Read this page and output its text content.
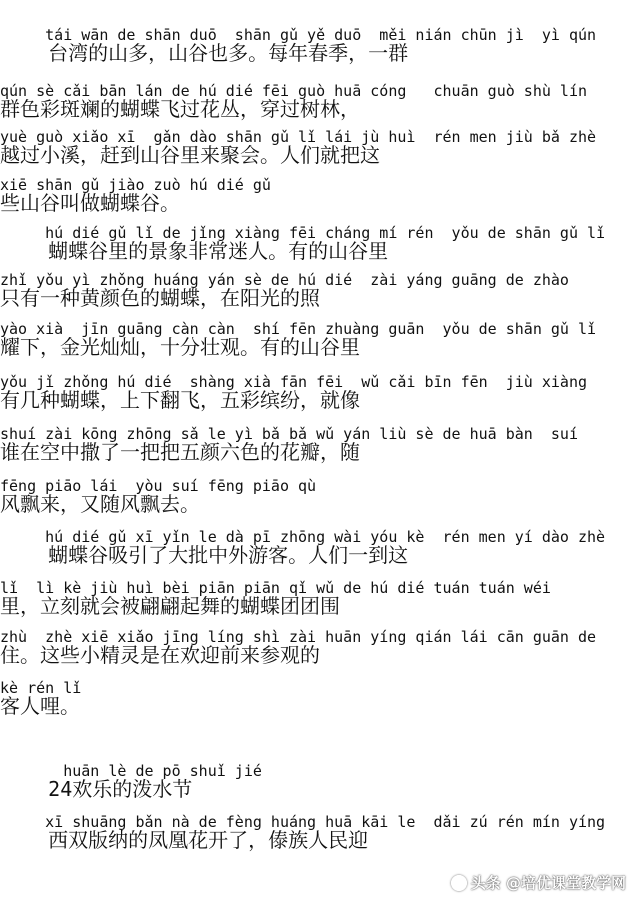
tái wān de shān duō  shān gǔ yě duō  měi nián chūn jì  yì qún
台湾的山多，山谷也多。每年春季，一群
qún sè cǎi bān lán de hú dié fēi guò huā cóng   chuān guò shù lín
群色彩斑斓的蝴蝶飞过花丛，穿过树林，
yuè guò xiǎo xī  gǎn dào shān gǔ lǐ lái jù huì  rén men jiù bǎ zhè
越过小溪，赶到山谷里来聚会。人们就把这
xiē shān gǔ jiào zuò hú dié gǔ
些山谷叫做蝴蝶谷。
hú dié gǔ lǐ de jǐng xiàng fēi cháng mí rén  yǒu de shān gǔ lǐ
蝴蝶谷里的景象非常迷人。有的山谷里
zhǐ yǒu yì zhǒng huáng yán sè de hú dié  zài yáng guāng de zhào
只有一种黄颜色的蝴蝶，在阳光的照
yào xià  jīn guāng càn càn  shí fēn zhuàng guān  yǒu de shān gǔ lǐ
耀下，金光灿灿，十分壮观。有的山谷里
yǒu jǐ zhǒng hú dié  shàng xià fān fēi  wǔ cǎi bīn fēn  jiù xiàng
有几种蝴蝶，上下翻飞，五彩缤纷，就像
shuí zài kōng zhōng sǎ le yì bǎ bǎ wǔ yán liù sè de huā bàn  suí
谁在空中撒了一把把五颜六色的花瓣，随
fēng piāo lái  yòu suí fēng piāo qù
风飘来，又随风飘去。
hú dié gǔ xī yǐn le dà pī zhōng wài yóu kè  rén men yí dào zhè
蝴蝶谷吸引了大批中外游客。人们一到这
lǐ  lì kè jiù huì bèi piān piān qǐ wǔ de hú dié tuán tuán wéi
里，立刻就会被翩翩起舞的蝴蝶团团围
zhù  zhè xiē xiǎo jīng líng shì zài huān yíng qián lái cān guān de
住。这些小精灵是在欢迎前来参观的
kè rén lǐ
客人哩。
huān lè de pō shuǐ jié
24欢乐的泼水节
xī shuāng bǎn nà de fèng huáng huā kāi le  dǎi zú rén mín yíng
西双版纳的凤凰花开了，傣族人民迎
头条 @培优课堂教学网
